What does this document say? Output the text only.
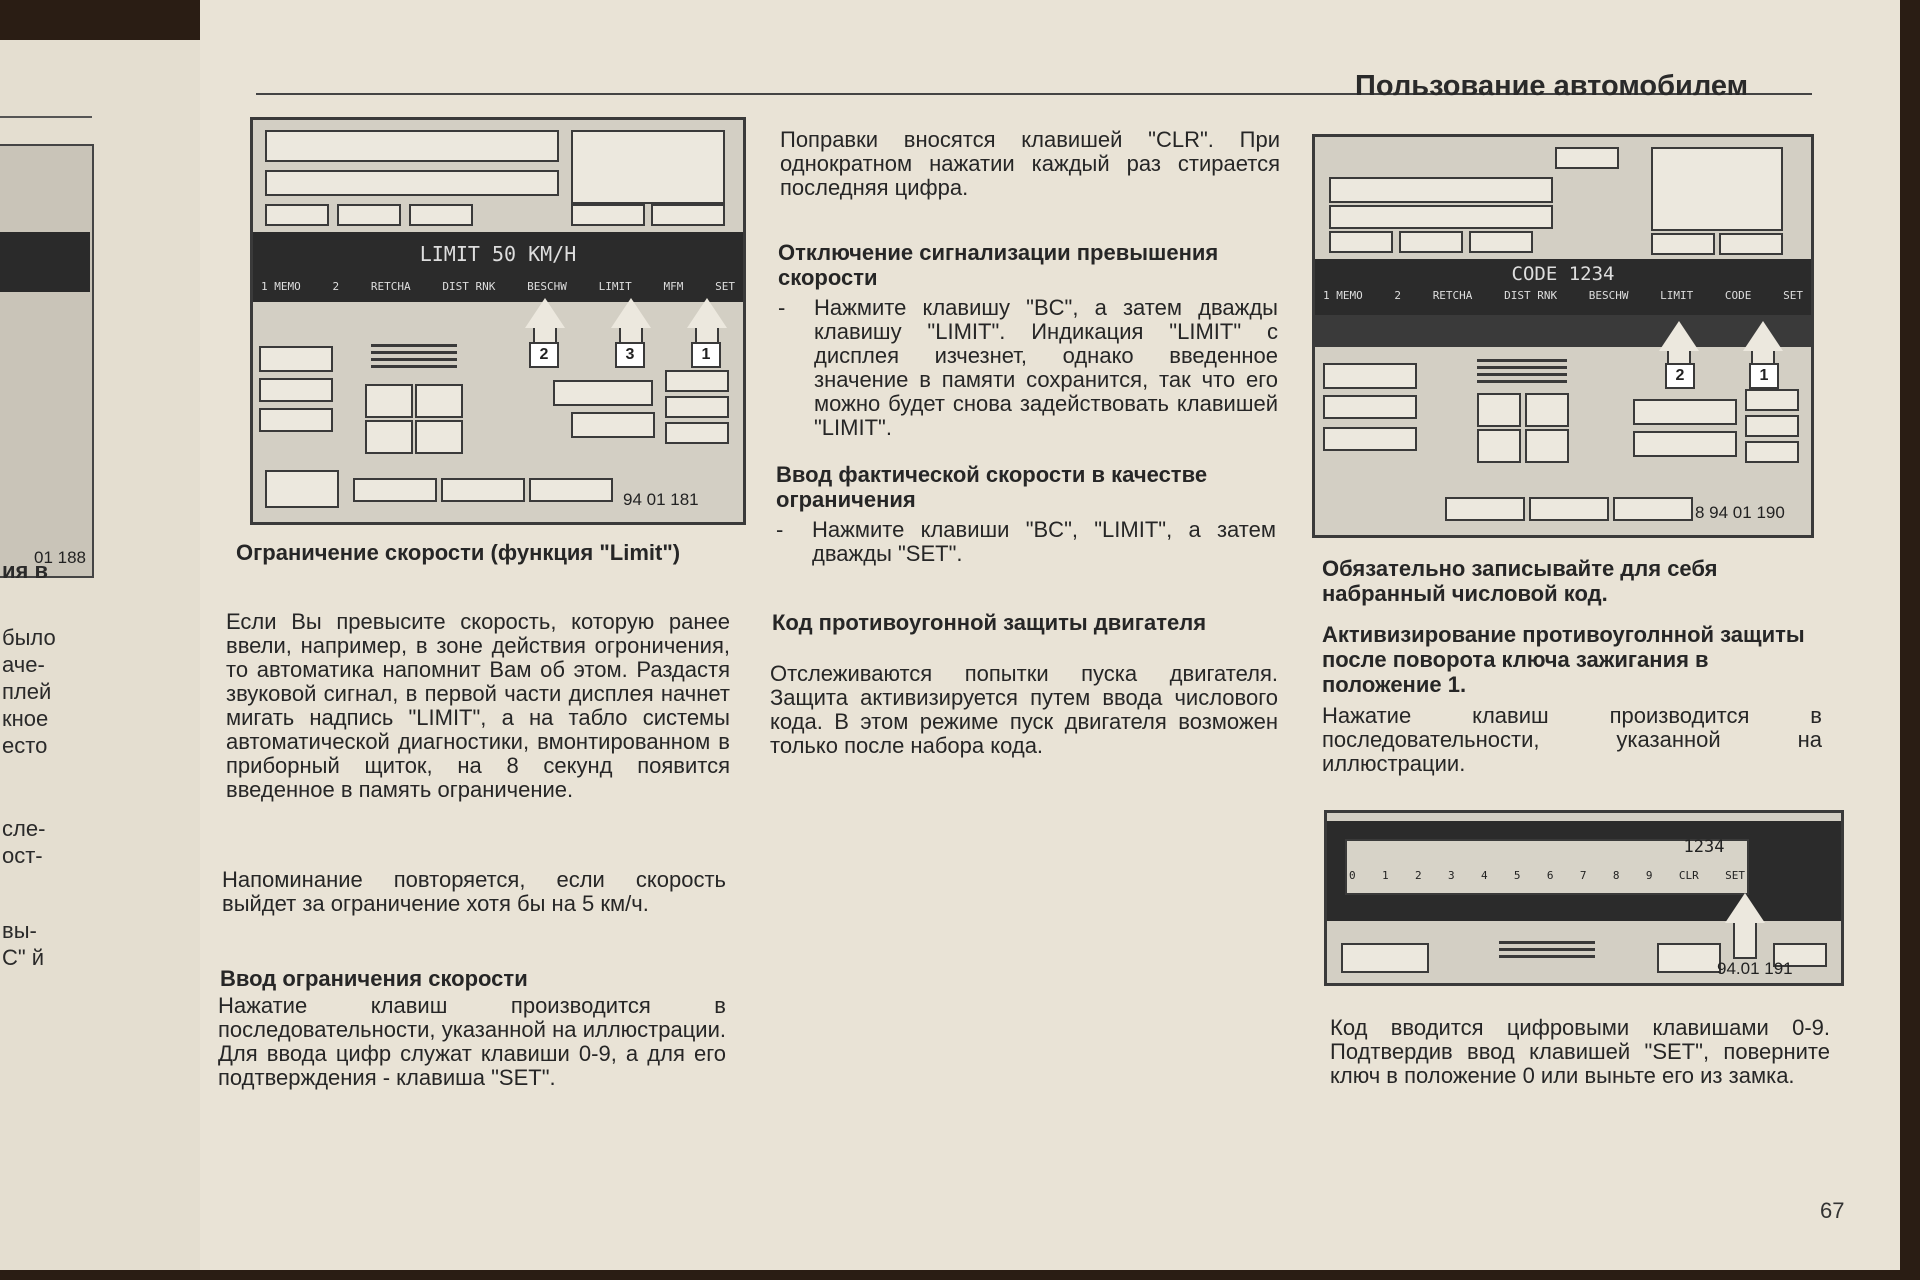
01 188
ия в
было
аче-
плей
кное
есто
сле-
ост-
вы-
C" й
Пользование автомобилем
LIMIT 50 KM/H
1 MEMO	2	RETCHA	DIST RNK	BESCHW	LIMIT	MFM	SET
2	3	1
94 01 181
Ограничение скорости (функция "Limit")
Если Вы превысите скорость, которую ранее ввели, например, в зоне действия огроничения, то автоматика напомнит Вам об этом. Раздастя звуковой сигнал, в первой части дисплея начнет мигать надпись "LIMIT", а на табло системы автоматической диагностики, вмонтированном в приборный щиток, на 8 секунд появится введенное в память ограничение.
Напоминание повторяется, если скорость выйдет за ограничение хотя бы на 5 км/ч.
Ввод ограничения скорости
Нажатие клавиш производится в последовательности, указанной на иллюстрации. Для ввода цифр служат клавиши 0-9, а для его подтверждения - клавиша "SET".
Поправки вносятся клавишей "CLR". При однократном нажатии каждый раз стирается последняя цифра.
Отключение сигнализации превышения скорости
- Нажмите клавишу "BC", а затем дважды клавишу "LIMIT". Индикация "LIMIT" с дисплея изчезнет, однако введенное значение в памяти сохранится, так что его можно будет снова задействовать клавишей "LIMIT".
Ввод фактической скорости в качестве ограничения
- Нажмите клавиши "BC", "LIMIT", а затем дважды "SET".
Код противоугонной защиты двигателя
Отслеживаются попытки пуска двигателя. Защита активизируется путем ввода числового кода. В этом режиме пуск двигателя возможен только после набора кода.
CODE 1234
1 MEMO	2	RETCHA	DIST RNK	BESCHW	LIMIT	CODE	SET
2	1
8 94 01 190
Обязательно записывайте для себя набранный числовой код.
Активизирование противоуголнной защиты после поворота ключа зажигания в положение 1.
Нажатие клавиш производится в последовательности, указанной на иллюстрации.
1234
0 1 2 3 4 5 6 7 8 9 CLR SET
94.01 191
Код вводится цифровыми клавишами 0-9. Подтвердив ввод клавишей "SET", поверните ключ в положение 0 или выньте его из замка.
67
